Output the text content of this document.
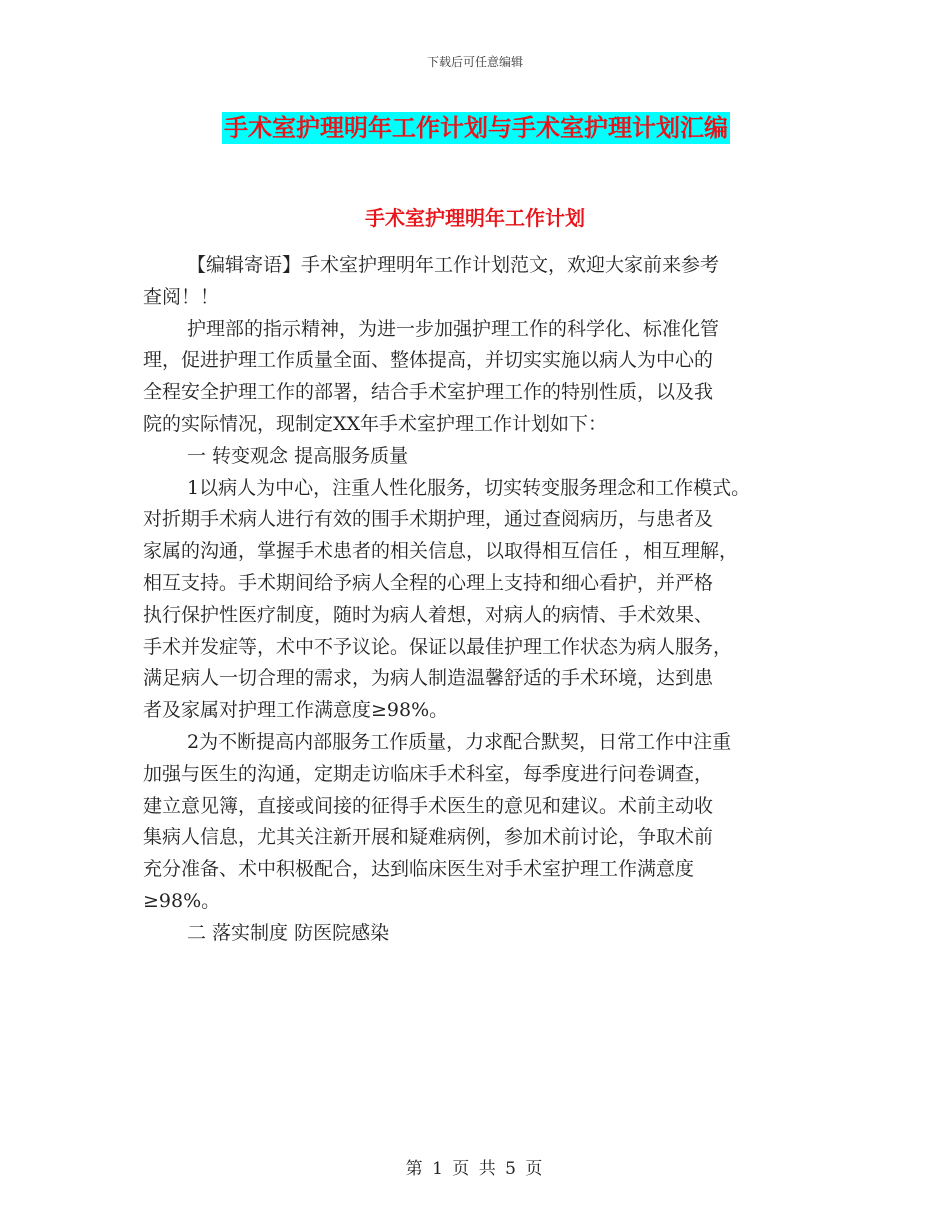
下载后可任意编辑
手术室护理明年工作计划与手术室护理计划汇编
手术室护理明年工作计划
【编辑寄语】手术室护理明年工作计划范文，欢迎大家前来参考
查阅！！
护理部的指示精神，为进一步加强护理工作的科学化、标准化管
理，促进护理工作质量全面、整体提高，并切实实施以病人为中心的
全程安全护理工作的部署，结合手术室护理工作的特别性质，以及我
院的实际情况，现制定XX年手术室护理工作计划如下：
一 转变观念 提高服务质量
1以病人为中心，注重人性化服务，切实转变服务理念和工作模式。
对折期手术病人进行有效的围手术期护理，通过查阅病历，与患者及
家属的沟通，掌握手术患者的相关信息，以取得相互信任 ，相互理解，
相互支持。手术期间给予病人全程的心理上支持和细心看护，并严格
执行保护性医疗制度，随时为病人着想，对病人的病情、手术效果、
手术并发症等，术中不予议论。保证以最佳护理工作状态为病人服务，
满足病人一切合理的需求，为病人制造温馨舒适的手术环境，达到患
者及家属对护理工作满意度≥98%。
2为不断提高内部服务工作质量，力求配合默契，日常工作中注重
加强与医生的沟通，定期走访临床手术科室，每季度进行问卷调查，
建立意见簿，直接或间接的征得手术医生的意见和建议。术前主动收
集病人信息，尤其关注新开展和疑难病例，参加术前讨论，争取术前
充分准备、术中积极配合，达到临床医生对手术室护理工作满意度
≥98%。
二 落实制度 防医院感染
第 1 页 共 5 页
